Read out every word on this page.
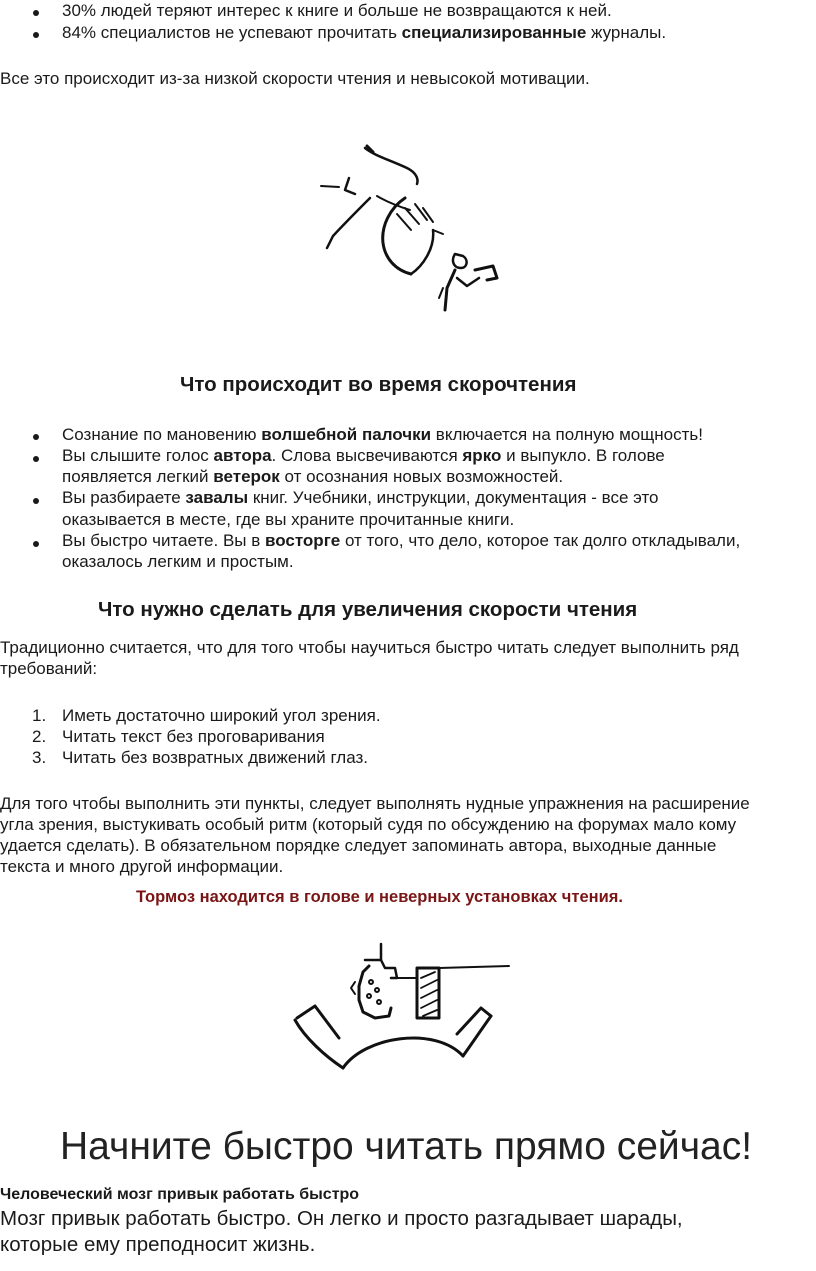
30% людей теряют интерес к книге и больше не возвращаются к ней.
84% специалистов не успевают прочитать специализированные журналы.
Все это происходит из-за низкой скорости чтения и невысокой мотивации.
Что происходит во время скорочтения
Сознание по мановению волшебной палочки включается на полную мощность!
Вы слышите голос автора. Слова высвечиваются ярко и выпукло. В голове
появляется легкий ветерок от осознания новых возможностей.
Вы разбираете завалы книг. Учебники, инструкции, документация - все это
оказывается в месте, где вы храните прочитанные книги.
Вы быстро читаете. Вы в восторге от того, что дело, которое так долго откладывали,
оказалось легким и простым.
Что нужно сделать для увеличения скорости чтения
Традиционно считается, что для того чтобы научиться быстро читать следует выполнить ряд
требований:
1. Иметь достаточно широкий угол зрения.
2. Читать текст без проговаривания
3. Читать без возвратных движений глаз.
Для того чтобы выполнить эти пункты, следует выполнять нудные упражнения на расширение
угла зрения, выстукивать особый ритм (который судя по обсуждению на форумах мало кому
удается сделать). В обязательном порядке следует запоминать автора, выходные данные
текста и много другой информации.
Тормоз находится в голове и неверных установках чтения.
Начните быстро читать прямо сейчас!
Человеческий мозг привык работать быстро
Мозг привык работать быстро. Он легко и просто разгадывает шарады,
которые ему преподносит жизнь.
